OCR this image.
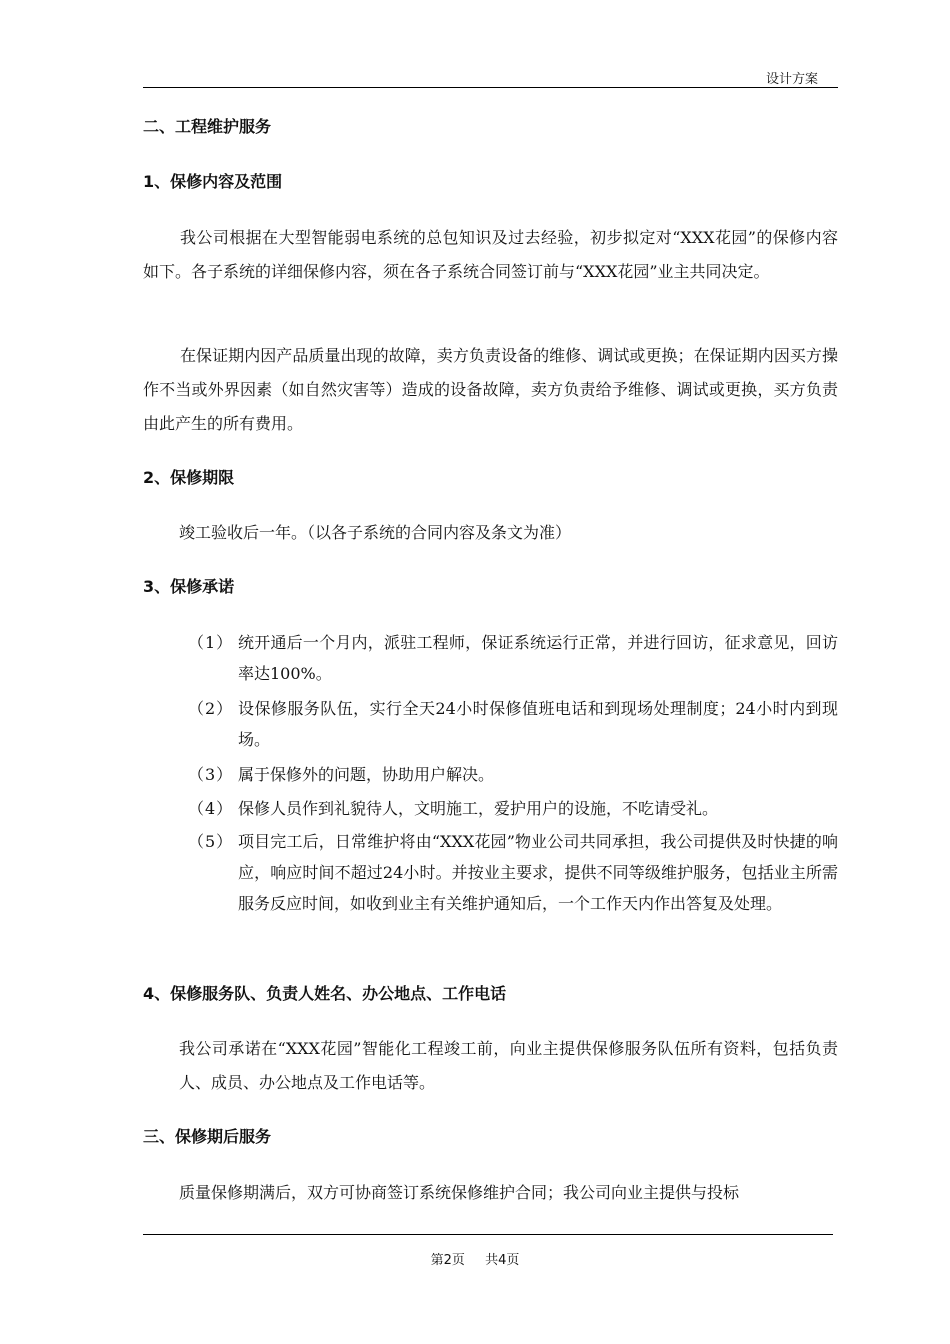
设计方案
二、工程维护服务
1、保修内容及范围
我公司根据在大型智能弱电系统的总包知识及过去经验，初步拟定对“XXX花园”的保修内容如下。各子系统的详细保修内容，须在各子系统合同签订前与“XXX花园”业主共同决定。
在保证期内因产品质量出现的故障，卖方负责设备的维修、调试或更换；在保证期内因买方操作不当或外界因素（如自然灾害等）造成的设备故障，卖方负责给予维修、调试或更换，买方负责由此产生的所有费用。
2、保修期限
竣工验收后一年。（以各子系统的合同内容及条文为准）
3、保修承诺
（1） 统开通后一个月内，派驻工程师，保证系统运行正常，并进行回访，征求意见，回访率达100%。
（2） 设保修服务队伍，实行全天24小时保修值班电话和到现场处理制度；24小时内到现场。
（3） 属于保修外的问题，协助用户解决。
（4） 保修人员作到礼貌待人，文明施工，爱护用户的设施，不吃请受礼。
（5） 项目完工后，日常维护将由“XXX花园”物业公司共同承担，我公司提供及时快捷的响应，响应时间不超过24小时。并按业主要求，提供不同等级维护服务，包括业主所需服务反应时间，如收到业主有关维护通知后，一个工作天内作出答复及处理。
4、保修服务队、负责人姓名、办公地点、工作电话
我公司承诺在“XXX花园”智能化工程竣工前，向业主提供保修服务队伍所有资料，包括负责人、成员、办公地点及工作电话等。
三、保修期后服务
质量保修期满后，双方可协商签订系统保修维护合同；我公司向业主提供与投标
第2页 共4页
